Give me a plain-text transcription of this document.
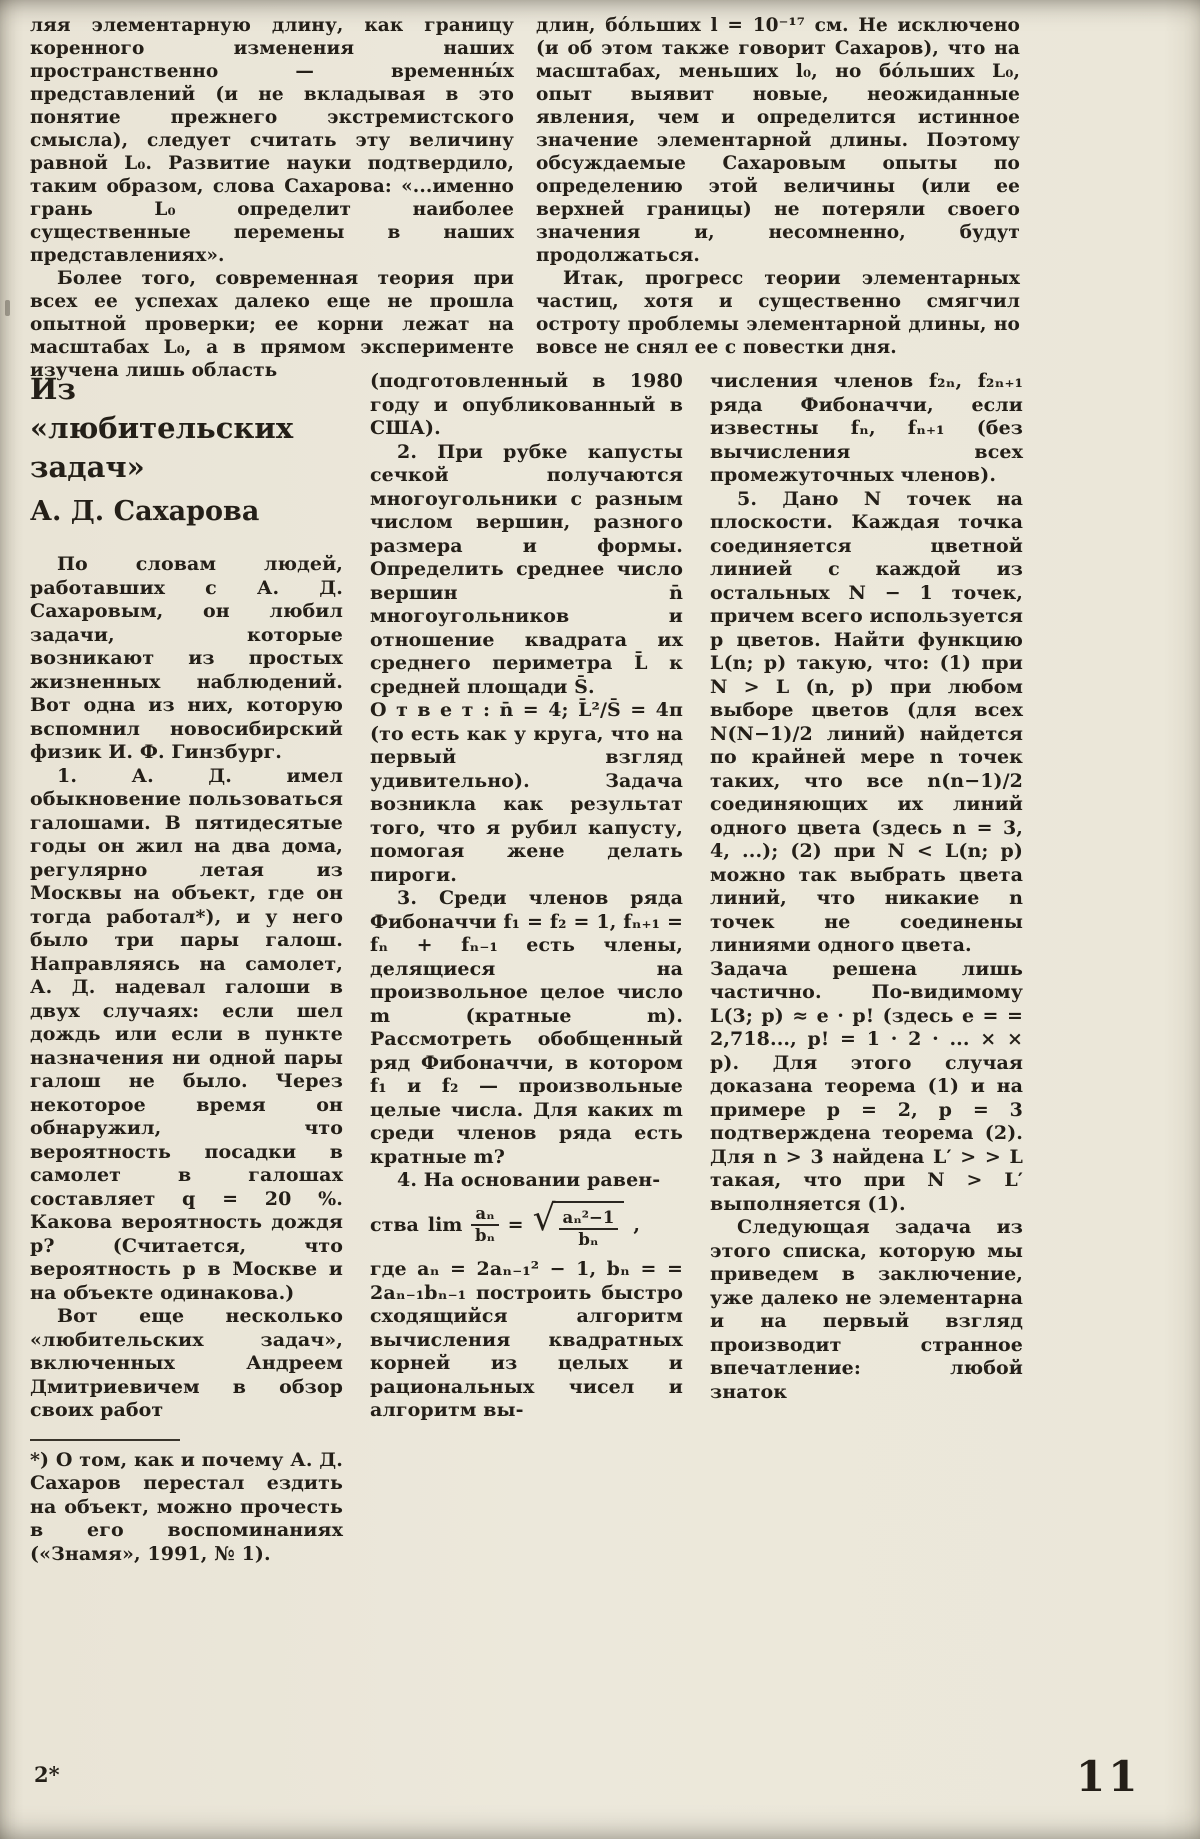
ляя элементарную длину, как границу коренного изменения наших пространственно — временны́х представлений (и не вкладывая в это понятие прежнего экстремистского смысла), следует считать эту величину равной L₀. Развитие науки подтвердило, таким образом, слова Сахарова: «...именно грань L₀ определит наиболее существенные перемены в наших представлениях».

Более того, современная теория при всех ее успехах далеко еще не прошла опытной проверки; ее корни лежат на масштабах L₀, а в прямом эксперименте изучена лишь область

длин, бо́льших l = 10⁻¹⁷ см. Не исключено (и об этом также говорит Сахаров), что на масштабах, меньших l₀, но бо́льших L₀, опыт выявит новые, неожиданные явления, чем и определится истинное значение элементарной длины. Поэтому обсуждаемые Сахаровым опыты по определению этой величины (или ее верхней границы) не потеряли своего значения и, несомненно, будут продолжаться.

Итак, прогресс теории элементарных частиц, хотя и существенно смягчил остроту проблемы элементарной длины, но вовсе не снял ее с повестки дня.

Из «любительских
задач»
А. Д. Сахарова

По словам людей, работавших с А. Д. Сахаровым, он любил задачи, которые возникают из простых жизненных наблюдений. Вот одна из них, которую вспомнил новосибирский физик И. Ф. Гинзбург.

1. А. Д. имел обыкновение пользоваться галошами. В пятидесятые годы он жил на два дома, регулярно летая из Москвы на объект, где он тогда работал*), и у него было три пары галош. Направляясь на самолет, А. Д. надевал галоши в двух случаях: если шел дождь или если в пункте назначения ни одной пары галош не было. Через некоторое время он обнаружил, что вероятность посадки в самолет в галошах составляет q = 20 %. Какова вероятность дождя p? (Считается, что вероятность p в Москве и на объекте одинакова.)

Вот еще несколько «любительских задач», включенных Андреем Дмитриевичем в обзор своих работ

*) О том, как и почему А. Д. Сахаров перестал ездить на объект, можно прочесть в его воспоминаниях («Знамя», 1991, № 1).

(подготовленный в 1980 году и опубликованный в США).

2. При рубке капусты сечкой получаются многоугольники с разным числом вершин, разного размера и формы. Определить среднее число вершин n̄ многоугольников и отношение квадрата их среднего периметра L̄ к средней площади S̄.

О т в е т : n̄ = 4; L̄²/S̄ = 4π (то есть как у круга, что на первый взгляд удивительно). Задача возникла как результат того, что я рубил капусту, помогая жене делать пироги.

3. Среди членов ряда Фибоначчи f₁ = f₂ = 1, fₙ₊₁ = fₙ + fₙ₋₁ есть члены, делящиеся на произвольное целое число m (кратные m). Рассмотреть обобщенный ряд Фибоначчи, в котором f₁ и f₂ — произвольные целые числа. Для каких m среди членов ряда есть кратные m?

4. На основании равен-

ства $\lim \frac{\text{aₙ}}{\text{bₙ}}$ = √ $\frac{\text{aₙ²−1}}{\text{bₙ}}$ ,

где aₙ = 2aₙ₋₁² − 1, bₙ = = 2aₙ₋₁bₙ₋₁ построить быстро сходящийся алгоритм вычисления квадратных корней из целых и рациональных чисел и алгоритм вы-

числения членов f₂ₙ, f₂ₙ₊₁ ряда Фибоначчи, если известны fₙ, fₙ₊₁ (без вычисления всех промежуточных членов).

5. Дано N точек на плоскости. Каждая точка соединяется цветной линией с каждой из остальных N − 1 точек, причем всего используется p цветов. Найти функцию L(n; p) такую, что: (1) при N > L (n, p) при любом выборе цветов (для всех N(N−1)/2 линий) найдется по крайней мере n точек таких, что все n(n−1)/2 соединяющих их линий одного цвета (здесь n = 3, 4, ...); (2) при N < L(n; p) можно так выбрать цвета линий, что никакие n точек не соединены линиями одного цвета.

Задача решена лишь частично. По-видимому L(3; p) ≈ e · p! (здесь e = = 2,718..., p! = 1 · 2 · ... × × p). Для этого случая доказана теорема (1) и на примере p = 2, p = 3 подтверждена теорема (2). Для n > 3 найдена L′ > > L такая, что при N > L′ выполняется (1).

Следующая задача из этого списка, которую мы приведем в заключение, уже далеко не элементарна и на первый взгляд производит странное впечатление: любой знаток

2*	11
